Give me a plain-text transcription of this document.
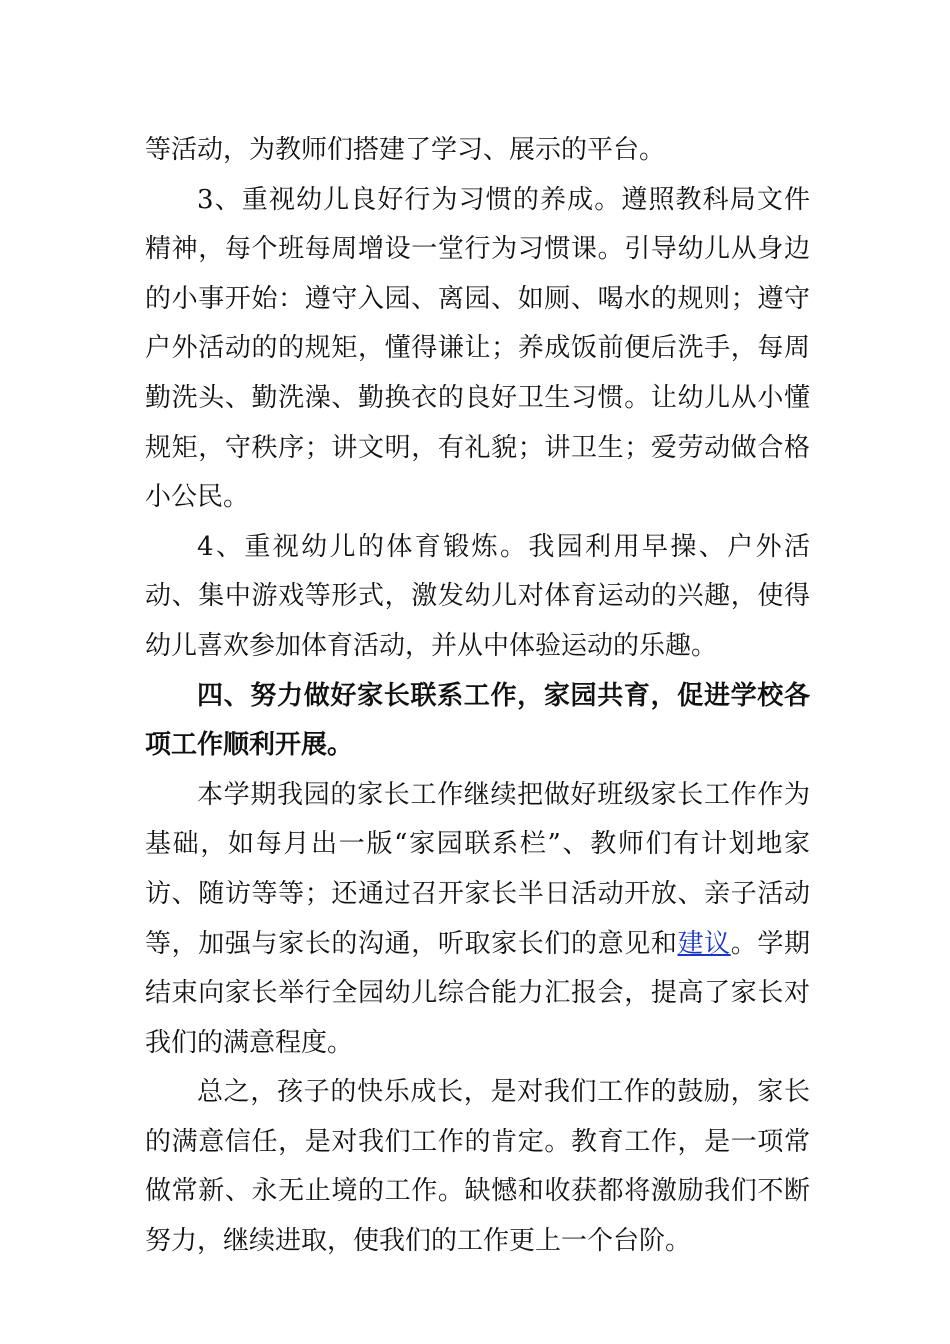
等活动，为教师们搭建了学习、展示的平台。

3、重视幼儿良好行为习惯的养成。遵照教科局文件精神，每个班每周增设一堂行为习惯课。引导幼儿从身边的小事开始：遵守入园、离园、如厕、喝水的规则；遵守户外活动的的规矩，懂得谦让；养成饭前便后洗手，每周勤洗头、勤洗澡、勤换衣的良好卫生习惯。让幼儿从小懂规矩，守秩序；讲文明，有礼貌；讲卫生；爱劳动做合格小公民。

4、重视幼儿的体育锻炼。我园利用早操、户外活动、集中游戏等形式，激发幼儿对体育运动的兴趣，使得幼儿喜欢参加体育活动，并从中体验运动的乐趣。

四、努力做好家长联系工作，家园共育，促进学校各项工作顺利开展。

本学期我园的家长工作继续把做好班级家长工作作为基础，如每月出一版“家园联系栏”、教师们有计划地家访、随访等等；还通过召开家长半日活动开放、亲子活动等，加强与家长的沟通，听取家长们的意见和建议。学期结束向家长举行全园幼儿综合能力汇报会，提高了家长对我们的满意程度。

总之，孩子的快乐成长，是对我们工作的鼓励，家长的满意信任，是对我们工作的肯定。教育工作，是一项常做常新、永无止境的工作。缺憾和收获都将激励我们不断努力，继续进取，使我们的工作更上一个台阶。
